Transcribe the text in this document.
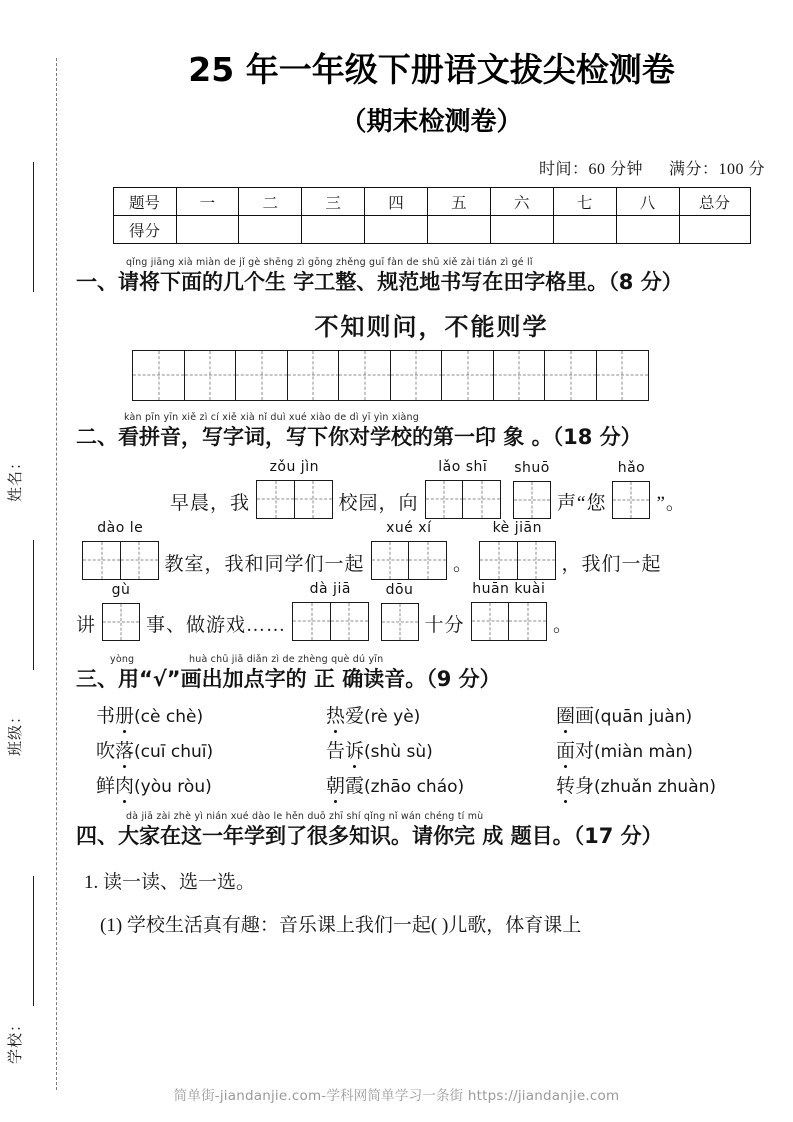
姓名：
班级：
学校：
25 年一年级下册语文拔尖检测卷
（期末检测卷）
时间：60 分钟 满分：100 分
题号	一	二	三	四	五	六	七	八	总分
得分									
qǐng jiāng xià miàn de jǐ gè shēng zì gōng zhěng guī fàn de shū xiě zài tián zì gé lǐ
一、请将下面的几个生 字工整、规范地书写在田字格里。（8 分）
不知则问，不能则学
kàn pīn yīn xiě zì cí xiě xià nǐ duì xué xiào de dì yī yìn xiàng
二、看拼音，写字词，写下你对学校的第一印 象 。（18 分）
早晨，我
zǒu jìn
校园，向
lǎo shī	shuō
声“您
hǎo
”。
dào le
教室，我和同学们一起
xué xí
。
kè jiān
，我们一起
讲
gù
事、做游戏……
dà jiā	dōu
十分
huān kuài
。
yòng	huà chū jiā diǎn zì de zhèng què dú yīn
三、用“√”画出加点字的 正 确读音。（9 分）
书册(cè chè)	热爱(rè yè)	圈画(quān juàn)
吹落(cuī chuī)	告诉(shù sù)	面对(miàn màn)
鲜肉(yòu ròu)	朝霞(zhāo cháo)	转身(zhuǎn zhuàn)
dà jiā zài zhè yì nián xué dào le hěn duō zhī shí qǐng nǐ wán chéng tí mù
四、大家在这一年学到了很多知识。请你完 成 题目。（17 分）
1. 读一读、选一选。
(1) 学校生活真有趣：音乐课上我们一起( )儿歌，体育课上
简单街-jiandanjie.com-学科网简单学习一条街 https://jiandanjie.com
